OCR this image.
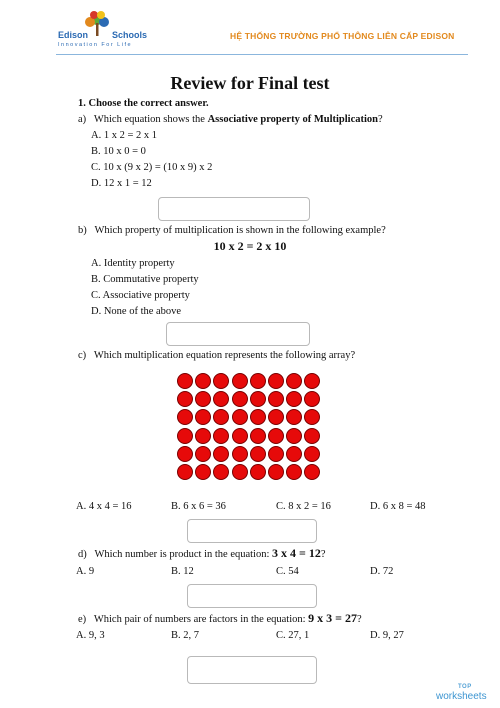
Edison	Schools
Innovation For Life
HỆ THỐNG TRƯỜNG PHỔ THÔNG LIÊN CẤP EDISON
Review for Final test
1. Choose the correct answer.
a) Which equation shows the Associative property of Multiplication?
A. 1 x 2 = 2 x 1
B. 10 x 0 = 0
C. 10 x (9 x 2) = (10 x 9) x 2
D. 12 x 1 = 12
b) Which property of multiplication is shown in the following example?
10 x 2 = 2 x 10
A. Identity property
B. Commutative property
C. Associative property
D. None of the above
c) Which multiplication equation represents the following array?
A. 4 x 4 = 16	B. 6 x 6 = 36	C. 8 x 2 = 16	D. 6 x 8 = 48
d) Which number is product in the equation: 3 x 4 = 12?
A. 9	B. 12	C. 54	D. 72
e) Which pair of numbers are factors in the equation: 9 x 3 = 27?
A. 9, 3	B. 2, 7	C. 27, 1	D. 9, 27
TOP
worksheets
